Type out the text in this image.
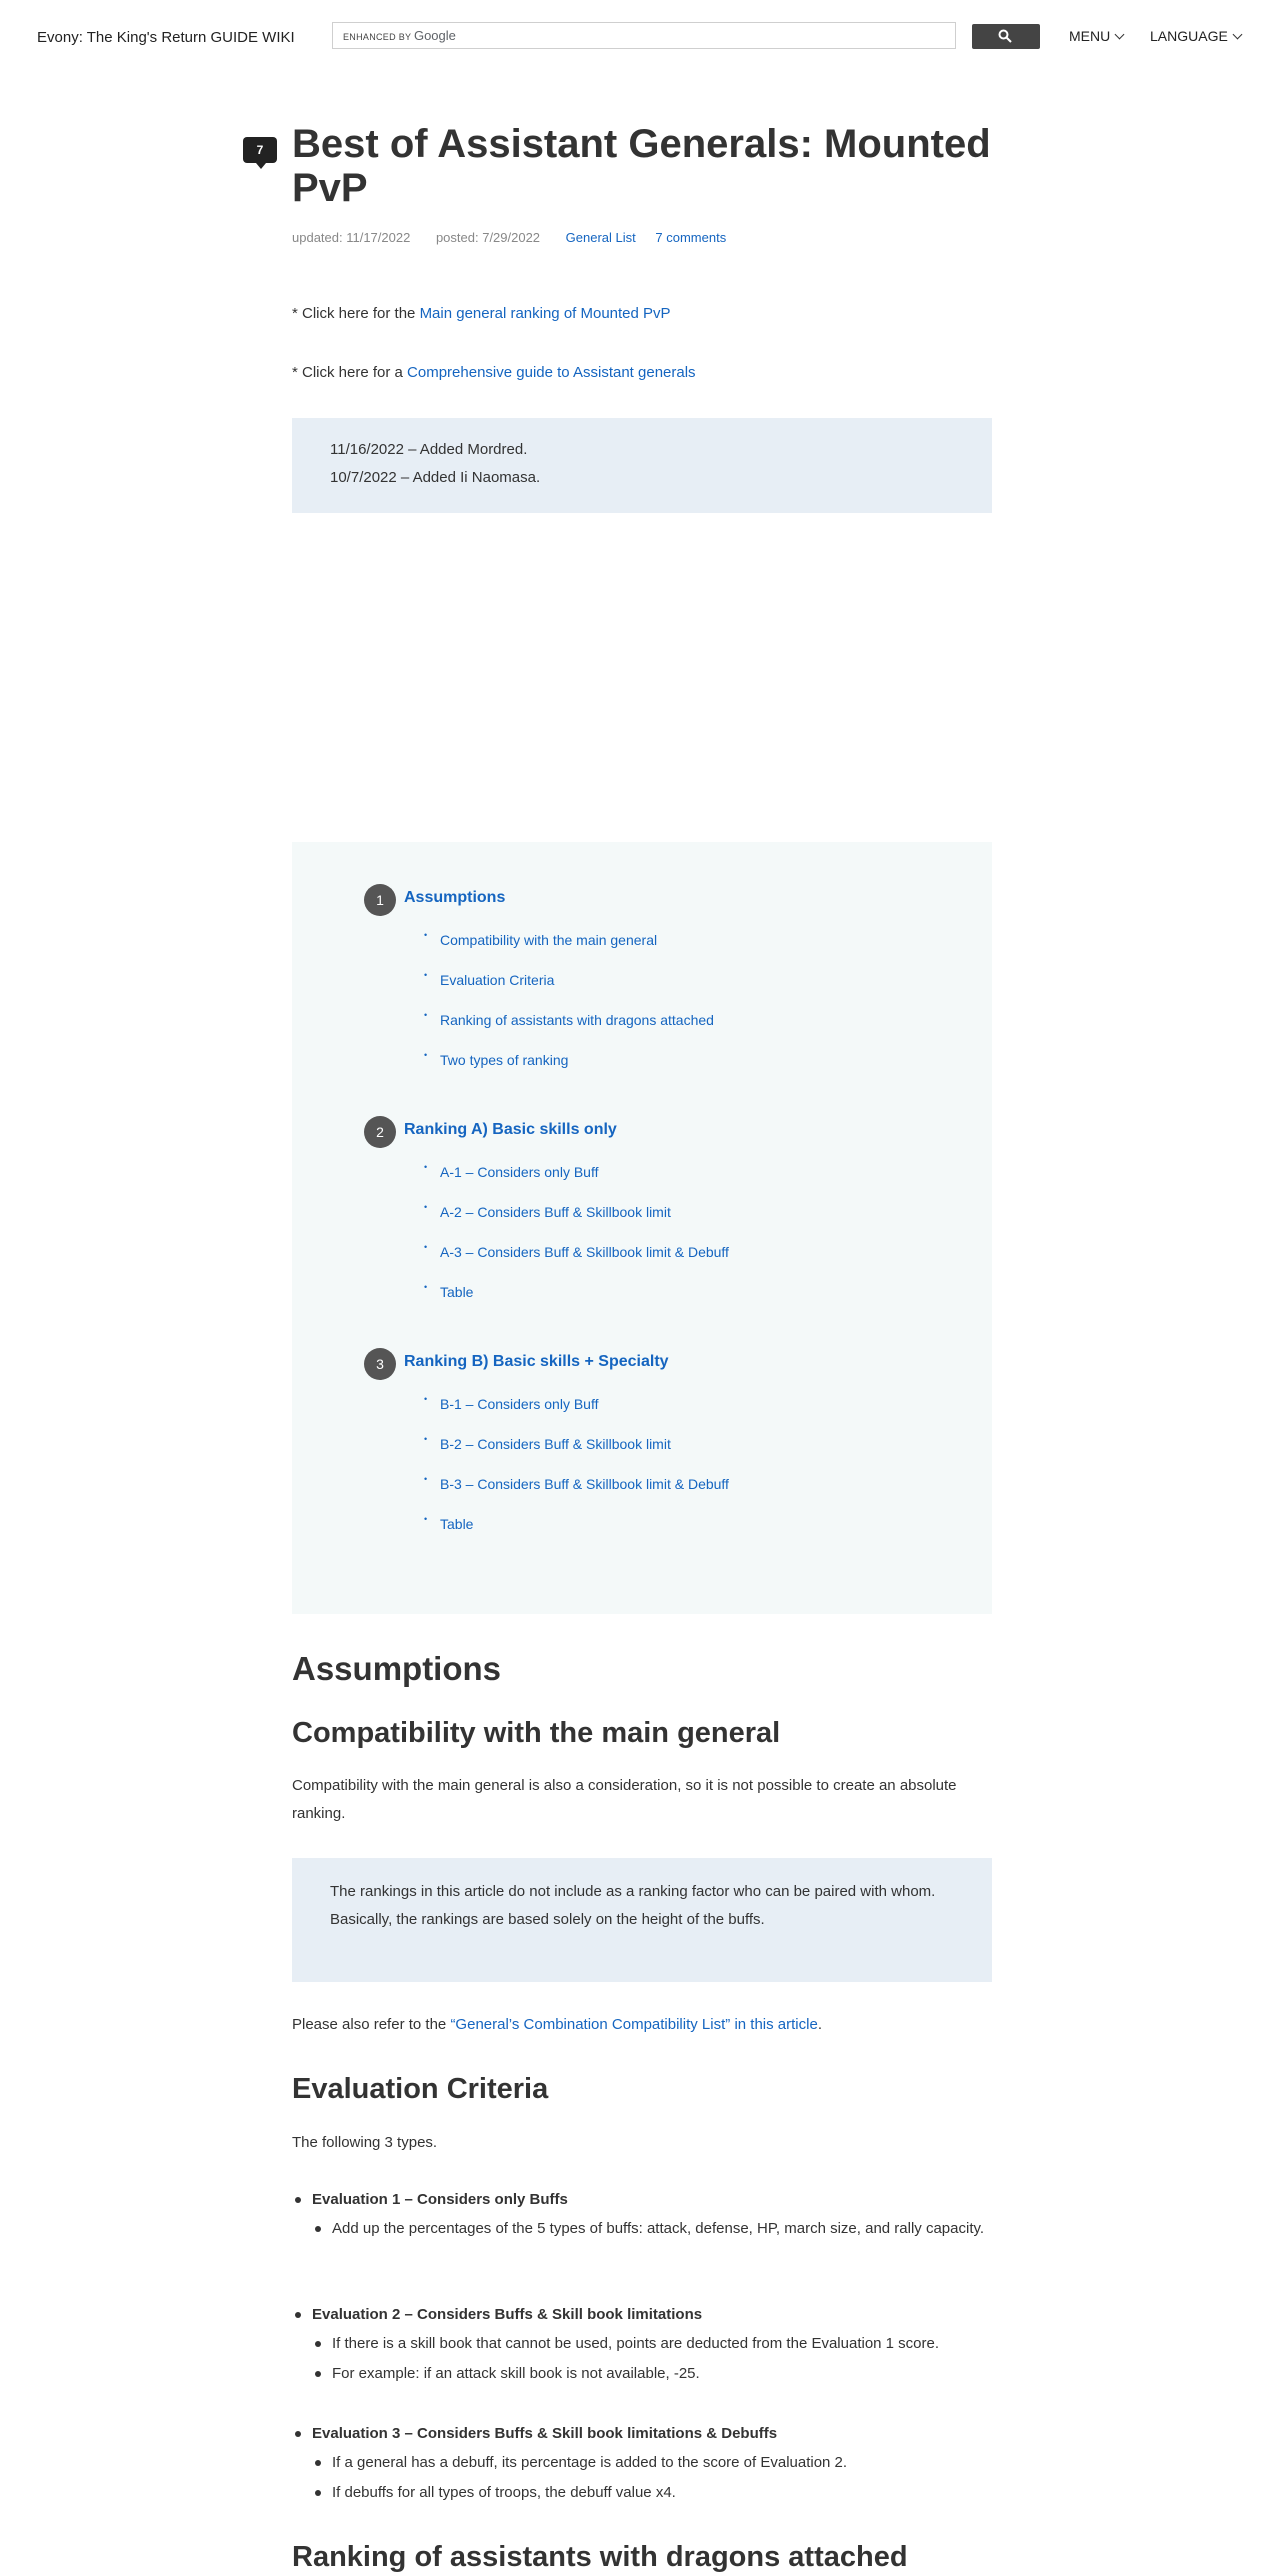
Evony: The King's Return GUIDE WIKI	ENHANCED BY Google	MENU	LANGUAGE
7 Best of Assistant Generals: Mounted PvP
updated: 11/17/2022 posted: 7/29/2022 General List 7 comments
* Click here for the Main general ranking of Mounted PvP
* Click here for a Comprehensive guide to Assistant generals
11/16/2022 – Added Mordred.
10/7/2022 – Added Ii Naomasa.
1	Assumptions
• Compatibility with the main general
• Evaluation Criteria
• Ranking of assistants with dragons attached
• Two types of ranking
2	Ranking A) Basic skills only
• A-1 – Considers only Buff
• A-2 – Considers Buff & Skillbook limit
• A-3 – Considers Buff & Skillbook limit & Debuff
• Table
3	Ranking B) Basic skills + Specialty
• B-1 – Considers only Buff
• B-2 – Considers Buff & Skillbook limit
• B-3 – Considers Buff & Skillbook limit & Debuff
• Table
Assumptions
Compatibility with the main general
Compatibility with the main general is also a consideration, so it is not possible to create an absolute ranking.
The rankings in this article do not include as a ranking factor who can be paired with whom.
Basically, the rankings are based solely on the height of the buffs.
Please also refer to the “General’s Combination Compatibility List” in this article.
Evaluation Criteria
The following 3 types.
Evaluation 1 – Considers only Buffs
Add up the percentages of the 5 types of buffs: attack, defense, HP, march size, and rally capacity.
Evaluation 2 – Considers Buffs & Skill book limitations
If there is a skill book that cannot be used, points are deducted from the Evaluation 1 score.
For example: if an attack skill book is not available, -25.
Evaluation 3 – Considers Buffs & Skill book limitations & Debuffs
If a general has a debuff, its percentage is added to the score of Evaluation 2.
If debuffs for all types of troops, the debuff value x4.
Ranking of assistants with dragons attached
